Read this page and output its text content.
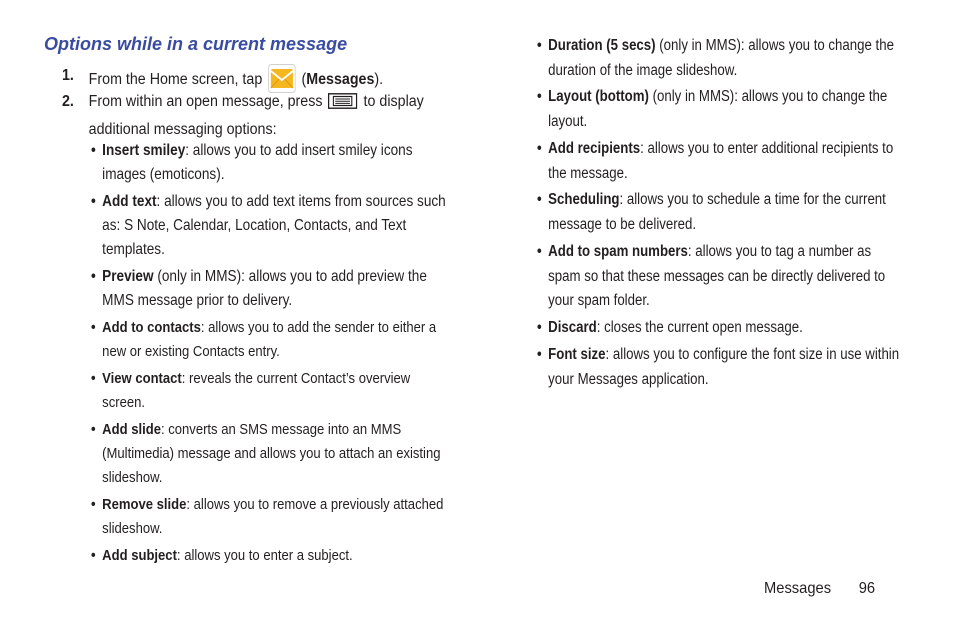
Options while in a current message
1. From the Home screen, tap	(Messages).
2. From within an open message, press	to display additional messaging options:
• Insert smiley: allows you to add insert smiley icons images (emoticons).
• Add text: allows you to add text items from sources such as: S Note, Calendar, Location, Contacts, and Text templates.
• Preview (only in MMS): allows you to add preview the MMS message prior to delivery.
• Add to contacts: allows you to add the sender to either a new or existing Contacts entry.
• View contact: reveals the current Contact’s overview screen.
• Add slide: converts an SMS message into an MMS (Multimedia) message and allows you to attach an existing slideshow.
• Remove slide: allows you to remove a previously attached slideshow.
• Add subject: allows you to enter a subject.
• Duration (5 secs) (only in MMS): allows you to change the duration of the image slideshow.
• Layout (bottom) (only in MMS): allows you to change the layout.
• Add recipients: allows you to enter additional recipients to the message.
• Scheduling: allows you to schedule a time for the current message to be delivered.
• Add to spam numbers: allows you to tag a number as spam so that these messages can be directly delivered to your spam folder.
• Discard: closes the current open message.
• Font size: allows you to configure the font size in use within your Messages application.
Messages 96
